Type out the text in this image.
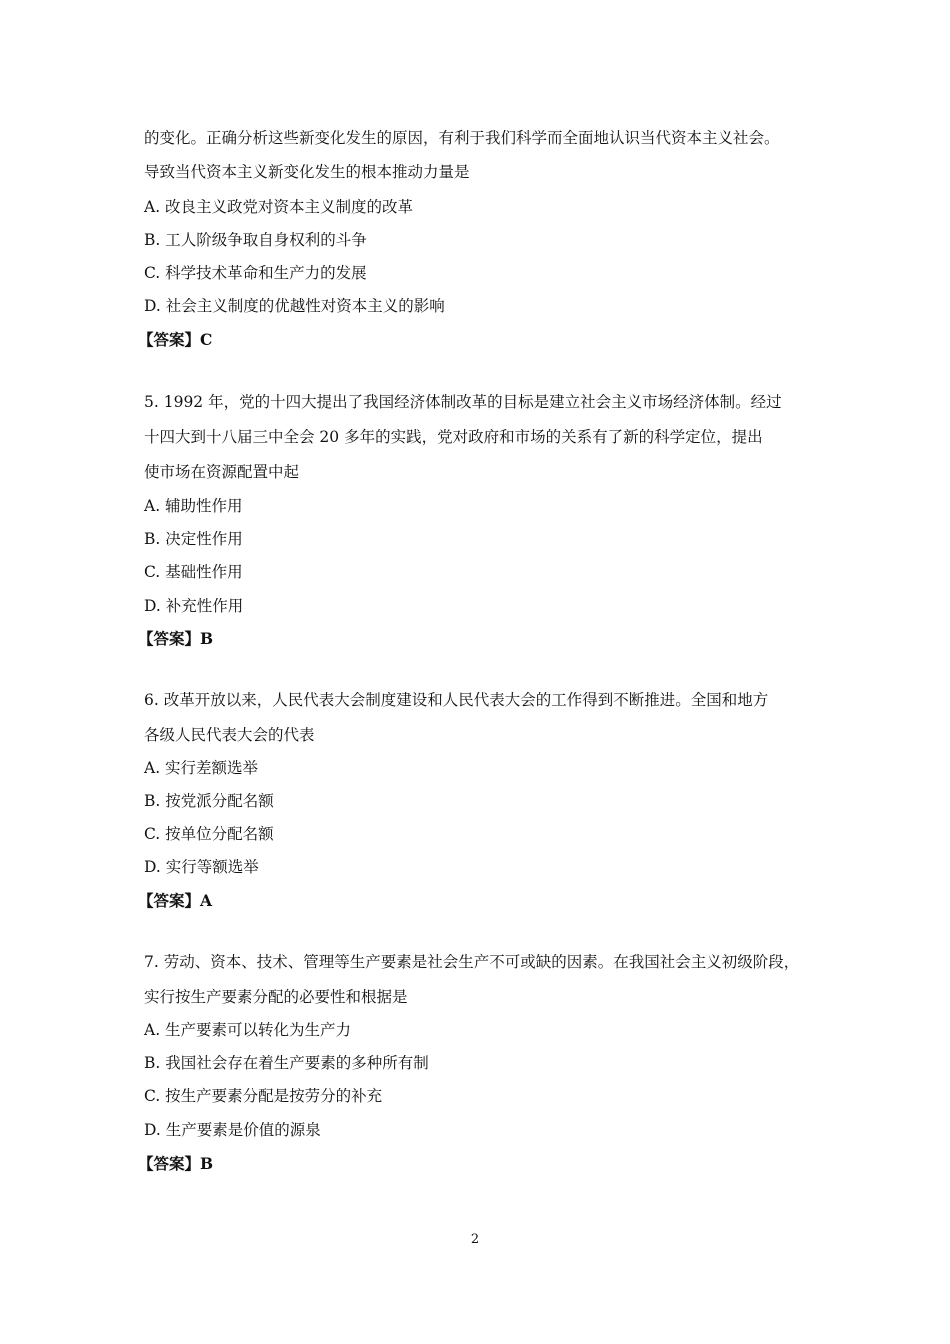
的变化。正确分析这些新变化发生的原因，有利于我们科学而全面地认识当代资本主义社会。
导致当代资本主义新变化发生的根本推动力量是
A. 改良主义政党对资本主义制度的改革
B. 工人阶级争取自身权利的斗争
C. 科学技术革命和生产力的发展
D. 社会主义制度的优越性对资本主义的影响
【答案】C
5. 1992 年，党的十四大提出了我国经济体制改革的目标是建立社会主义市场经济体制。经过
十四大到十八届三中全会 20 多年的实践，党对政府和市场的关系有了新的科学定位，提出
使市场在资源配置中起
A. 辅助性作用
B. 决定性作用
C. 基础性作用
D. 补充性作用
【答案】B
6. 改革开放以来，人民代表大会制度建设和人民代表大会的工作得到不断推进。全国和地方
各级人民代表大会的代表
A. 实行差额选举
B. 按党派分配名额
C. 按单位分配名额
D. 实行等额选举
【答案】A
7. 劳动、资本、技术、管理等生产要素是社会生产不可或缺的因素。在我国社会主义初级阶段，
实行按生产要素分配的必要性和根据是
A. 生产要素可以转化为生产力
B. 我国社会存在着生产要素的多种所有制
C. 按生产要素分配是按劳分的补充
D. 生产要素是价值的源泉
【答案】B
2
